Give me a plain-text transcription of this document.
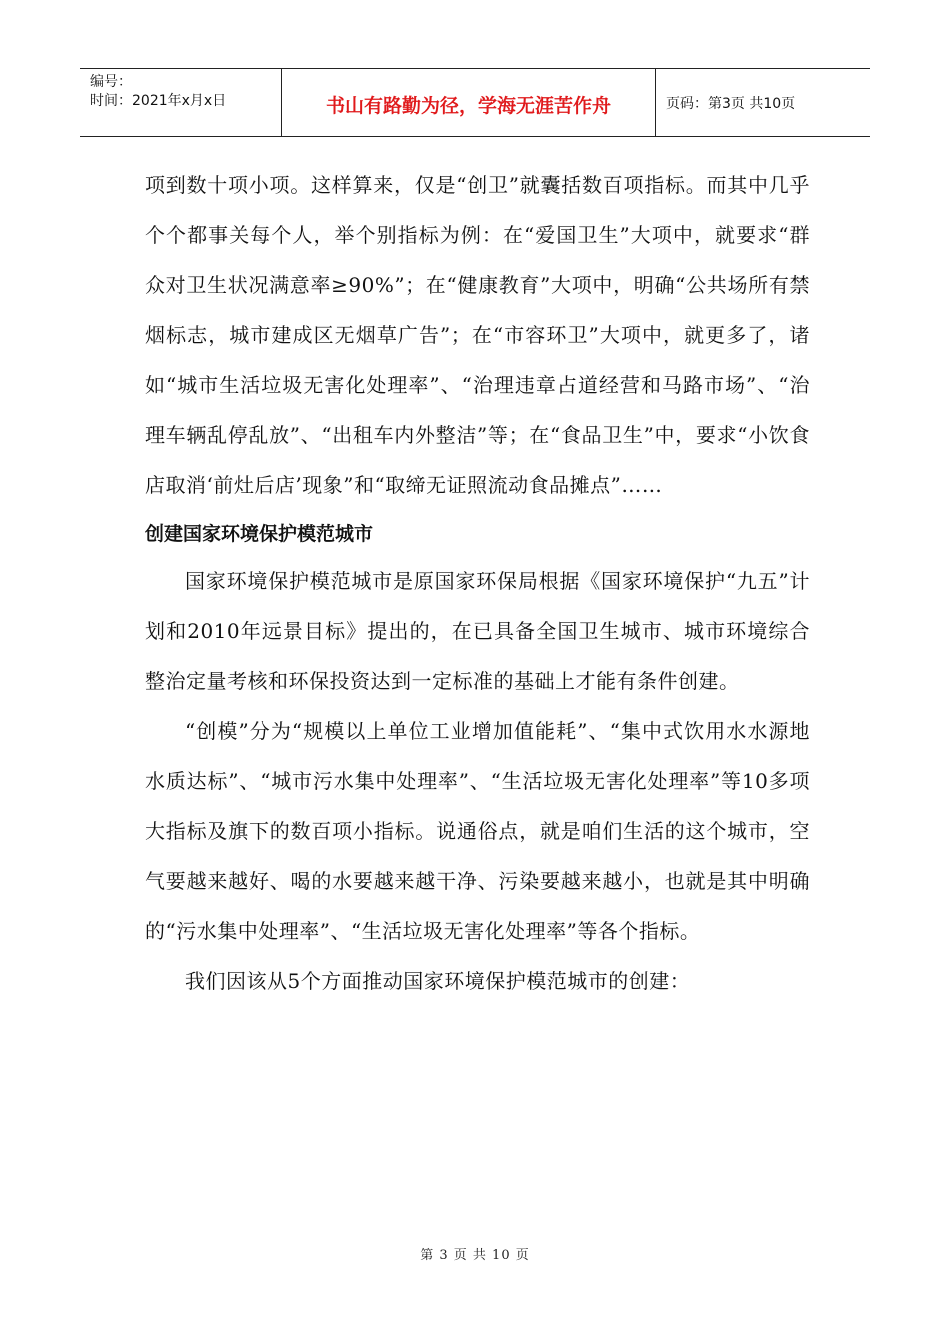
编号：
时间：2021年x月x日	书山有路勤为径，学海无涯苦作舟	页码：第3页 共10页

项到数十项小项。这样算来，仅是“创卫”就囊括数百项指标。而其中几乎个个都事关每个人，举个别指标为例：在“爱国卫生”大项中，就要求“群众对卫生状况满意率≥90%”；在“健康教育”大项中，明确“公共场所有禁烟标志，城市建成区无烟草广告”；在“市容环卫”大项中，就更多了，诸如“城市生活垃圾无害化处理率”、“治理违章占道经营和马路市场”、“治理车辆乱停乱放”、“出租车内外整洁”等；在“食品卫生”中，要求“小饮食店取消‘前灶后店’现象”和“取缔无证照流动食品摊点”……

创建国家环境保护模范城市

国家环境保护模范城市是原国家环保局根据《国家环境保护“九五”计划和2010年远景目标》提出的，在已具备全国卫生城市、城市环境综合整治定量考核和环保投资达到一定标准的基础上才能有条件创建。

“创模”分为“规模以上单位工业增加值能耗”、“集中式饮用水水源地水质达标”、“城市污水集中处理率”、“生活垃圾无害化处理率”等10多项大指标及旗下的数百项小指标。说通俗点，就是咱们生活的这个城市，空气要越来越好、喝的水要越来越干净、污染要越来越小，也就是其中明确的“污水集中处理率”、“生活垃圾无害化处理率”等各个指标。

我们因该从5个方面推动国家环境保护模范城市的创建：

第 3 页 共 10 页
